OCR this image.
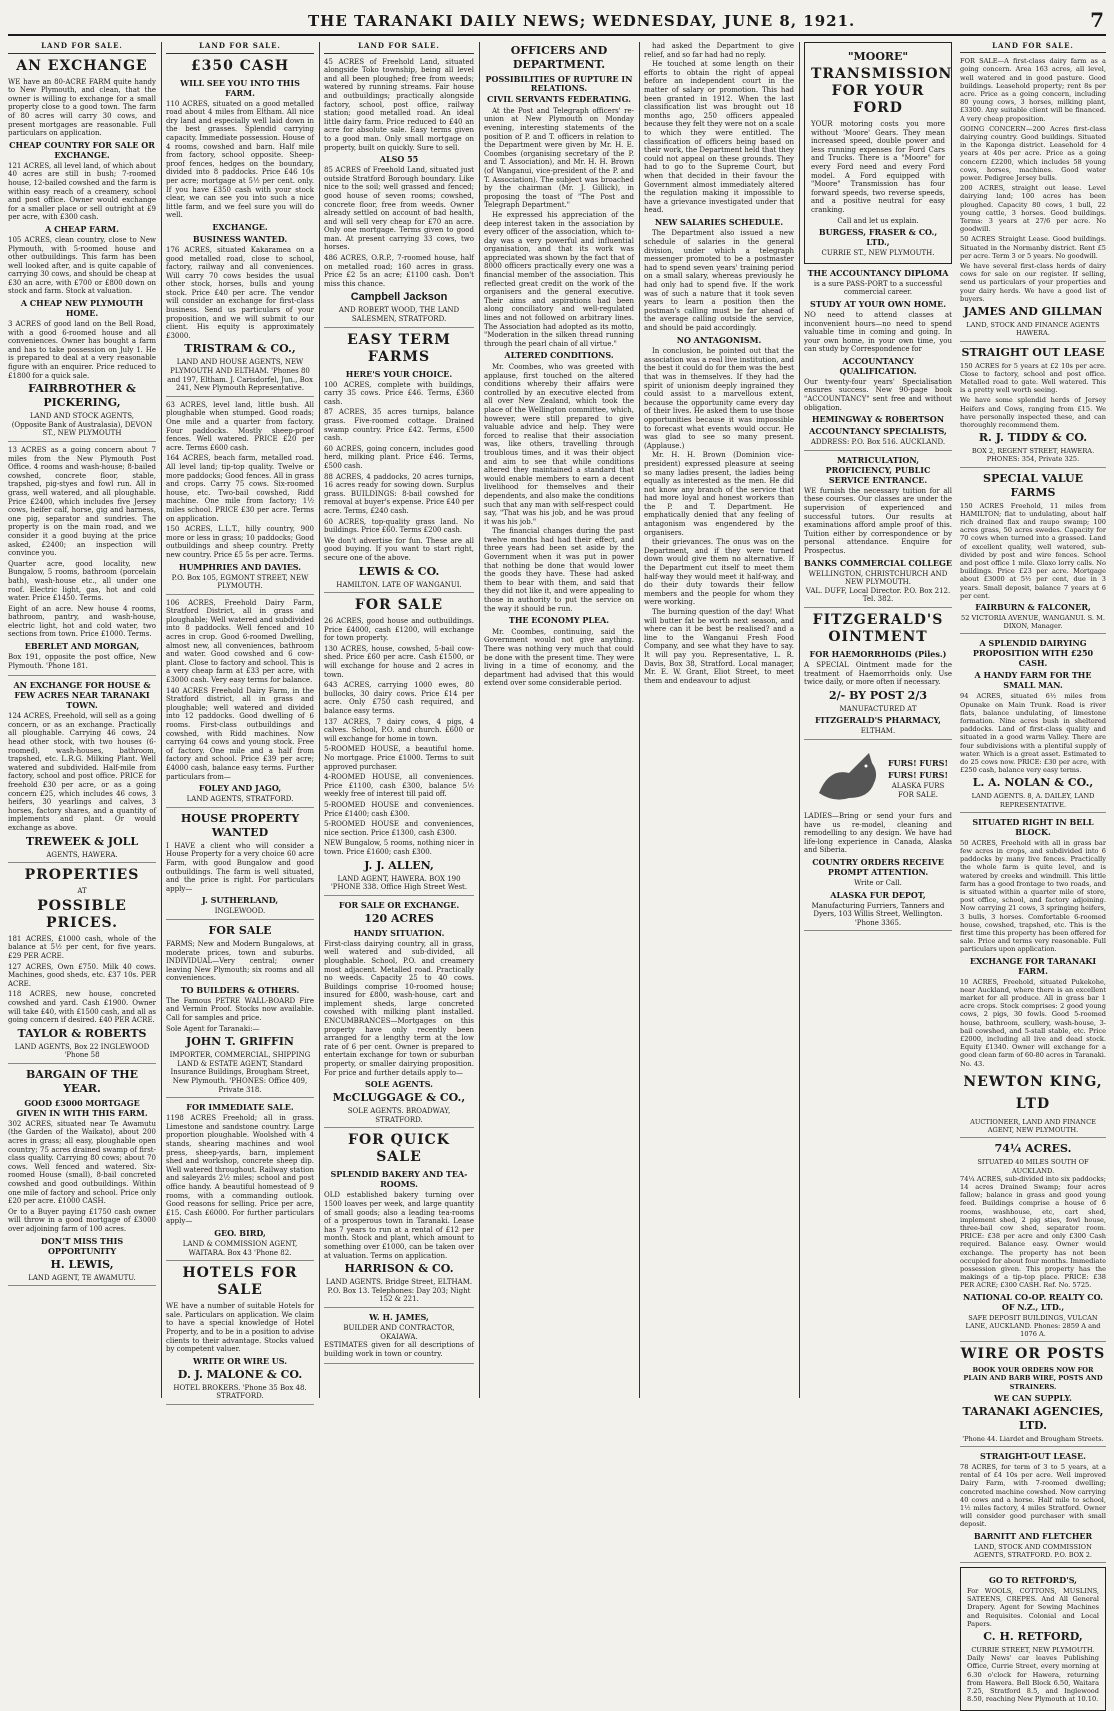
THE TARANAKI DAILY NEWS; WEDNESDAY, JUNE 8, 1921.	7
LAND FOR SALE.
AN EXCHANGE

WE have an 80-ACRE FARM quite handy to New Plymouth, and clean, that the owner is willing to exchange for a small property close to a good town. The farm of 80 acres will carry 30 cows, and present mortgages are reasonable. Full particulars on application.

CHEAP COUNTRY FOR SALE OR EXCHANGE.

121 ACRES, all level land, of which about 40 acres are still in bush; 7-roomed house, 12-bailed cowshed and the farm is within easy reach of a creamery, school and post office. Owner would exchange for a smaller place or sell outright at £9 per acre, with £300 cash.

A CHEAP FARM.

105 ACRES, clean country, close to New Plymouth, with 5-roomed house and other outbuildings. This farm has been well looked after, and is quite capable of carrying 30 cows, and should be cheap at £30 an acre, with £700 or £800 down on stock and farm. Stock at valuation.

A CHEAP NEW PLYMOUTH HOME.

3 ACRES of good land on the Bell Road, with a good 6-roomed house and all conveniences. Owner has bought a farm and has to take possession on July 1. He is prepared to deal at a very reasonable figure with an enquirer. Price reduced to £1800 for a quick sale.

FAIRBROTHER & PICKERING,
LAND AND STOCK AGENTS,
(Opposite Bank of Australasia), DEVON ST., NEW PLYMOUTH

13 ACRES as a going concern about 7 miles from the New Plymouth Post Office. 4 rooms and wash-house; 8-bailed cowshed, concrete floor, stable, trapshed, pig-styes and fowl run. All in grass, well watered, and all ploughable. Price £2400, which includes five Jersey cows, heifer calf, horse, gig and harness, one pig, separator and sundries. The property is on the main road, and we consider it a good buying at the price asked, £2400; an inspection will convince you.

Quarter acre, good locality, new Bungalow, 5 rooms, bathroom (porcelain bath), wash-house etc., all under one roof. Electric light, gas, hot and cold water. Price £1450. Terms.

Eight of an acre. New house 4 rooms, bathroom, pantry, and wash-house, electric light, hot and cold water, two sections from town. Price £1000. Terms.

EBERLET AND MORGAN,

Box 191, opposite the post office, New Plymouth. 'Phone 181.

AN EXCHANGE FOR HOUSE & FEW ACRES NEAR TARANAKI TOWN.

124 ACRES, Freehold, will sell as a going concern, or as an exchange. Practically all ploughable. Carrying 46 cows, 24 head other stock, with two houses (6-roomed), wash-houses, bathroom, trapshed, etc. L.R.G. Milking Plant. Well watered and subdivided. Half-mile from factory, school and post office. PRICE for freehold £30 per acre, or as a going concern £25, which includes 46 cows, 3 heifers, 30 yearlings and calves, 3 horses, factory shares, and a quantity of implements and plant. Or would exchange as above.

TREWEEK & JOLL
AGENTS, HAWERA.
PROPERTIES
AT
POSSIBLE PRICES.

181 ACRES, £1000 cash, whole of the balance at 5½ per cent, for five years. £29 PER ACRE.

127 ACRES, Own £750. Milk 40 cows. Machines, good sheds, etc. £37 10s. PER ACRE.

118 ACRES, new house, concreted cowshed and yard. Cash £1900. Owner will take £40, with £1500 cash, and all as going concern if desired. £40 PER ACRE.

TAYLOR & ROBERTS
LAND AGENTS, Box 22 INGLEWOOD 'Phone 58
BARGAIN OF THE YEAR.
GOOD £3000 MORTGAGE GIVEN IN WITH THIS FARM.

302 ACRES, situated near Te Awamutu (the Garden of the Waikato), about 200 acres in grass; all easy, ploughable open country; 75 acres drained swamp of first-class quality. Carrying 80 cows; about 70 cows. Well fenced and watered. Six-roomed House (small), 8-bail concreted cowshed and good outbuildings. Within one mile of factory and school. Price only £20 per acre. £1000 CASH.

Or to a Buyer paying £1750 cash owner will throw in a good mortgage of £3000 over adjoining farm of 100 acres.

DON'T MISS THIS OPPORTUNITY
H. LEWIS,
LAND AGENT, TE AWAMUTU.
LAND FOR SALE.
£350 CASH
WILL SEE YOU INTO THIS FARM.

110 ACRES, situated on a good metalled road about 4 miles from Eltham. All nice dry land and especially well laid down in the best grasses. Splendid carrying capacity. Immediate possession. House of 4 rooms, cowshed and barn. Half mile from factory, school opposite. Sheep-proof fences, hedges on the boundary, divided into 8 paddocks. Price £46 10s per acre; mortgage at 5½ per cent. only. If you have £350 cash with your stock clear, we can see you into such a nice little farm, and we feel sure you will do well.

EXCHANGE.
BUSINESS WANTED.

176 ACRES, situated Kakaramea on a good metalled road, close to school, factory, railway and all conveniences. Will carry 70 cows besides the usual other stock, horses, bulls and young stock. Price £40 per acre. The vendor will consider an exchange for first-class business. Send us particulars of your proposition, and we will submit to our client. His equity is approximately £3000.

TRISTRAM & CO.,
LAND AND HOUSE AGENTS, NEW PLYMOUTH AND ELTHAM. 'Phones 80 and 197, Eltham. J. Carisdorfel, Jun., Box 241, New Plymouth Representative.

63 ACRES, level land, little bush. All ploughable when stumped. Good roads; One mile and a quarter from factory. Four paddocks. Mostly sheep-proof fences. Well watered. PRICE £20 per acre. Terms £600 cash.

164 ACRES, beach farm, metalled road. All level land; tip-top quality. Twelve or more paddocks; Good fences. All in grass and crops. Carry 75 cows. Six-roomed house, etc. Two-bail cowshed, Ridd machine. One mile from factory; 1½ miles school. PRICE £30 per acre. Terms on application.

150 ACRES, L.L.T., hilly country, 900 more or less in grass; 10 paddocks; Good outbuildings and sheep country. Pretty new country. Price £5 5s per acre. Terms.

HUMPHRIES AND DAVIES.
P.O. Box 105, EGMONT STREET, NEW PLYMOUTH.

106 ACRES, Freehold Dairy Farm, Stratford District, all in grass and ploughable; Well watered and subdivided into 8 paddocks. Well fenced and 10 acres in crop. Good 6-roomed Dwelling, almost new, all conveniences, bathroom and water. Good cowshed and 6 cow-plant. Close to factory and school. This is a very cheap farm at £33 per acre, with £3000 cash. Very easy terms for balance.

140 ACRES Freehold Dairy Farm, in the Stratford district, all in grass and ploughable; well watered and divided into 12 paddocks. Good dwelling of 6 rooms. First-class outbuildings and cowshed, with Ridd machines. Now carrying 64 cows and young stock. Free of factory. One mile and a half from factory and school. Price £39 per acre; £4000 cash, balance easy terms. Further particulars from—

FOLEY AND JAGO,
LAND AGENTS, STRATFORD.
HOUSE PROPERTY WANTED

I HAVE a client who will consider a House Property for a very choice 60 acre Farm, with good Bungalow and good outbuildings. The farm is well situated, and the price is right. For particulars apply—

J. SUTHERLAND,
INGLEWOOD.
FOR SALE

FARMS; New and Modern Bungalows, at moderate prices, town and suburbs. INDIVIDUAL—Very central; owner leaving New Plymouth; six rooms and all conveniences.

TO BUILDERS & OTHERS.

The Famous PETRE WALL-BOARD Fire and Vermin Proof. Stocks now available. Call for samples and price.

Sole Agent for Taranaki:—

JOHN T. GRIFFIN
IMPORTER, COMMERCIAL, SHIPPING LAND & ESTATE AGENT, Standard Insurance Buildings, Brougham Street, New Plymouth. 'PHONES: Office 409, Private 318.
FOR IMMEDIATE SALE.

1198 ACRES Freehold; all in grass. Limestone and sandstone country. Large proportion ploughable. Woolshed with 4 stands, shearing machines and wool press, sheep-yards, barn, implement shed and workshop, concrete sheep dip. Well watered throughout. Railway station and saleyards 2½ miles; school and post office handy. A beautiful homestead of 9 rooms, with a commanding outlook. Good reasons for selling. Price per acre, £15. Cash £6000. For further particulars apply—

GEO. BIRD,
LAND & COMMISSION AGENT, WAITARA. Box 43 'Phone 82.
HOTELS FOR SALE

WE have a number of suitable Hotels for sale. Particulars on application. We claim to have a special knowledge of Hotel Property, and to be in a position to advise clients to their advantage. Stocks valued by competent valuer.

WRITE OR WIRE US.
D. J. MALONE & CO.
HOTEL BROKERS. 'Phone 35 Box 48. STRATFORD.
LAND FOR SALE.

45 ACRES of Freehold Land, situated alongside Toko township, being all level and all been ploughed; free from weeds; watered by running streams. Fair house and outbuildings; practically alongside factory, school, post office, railway station; good metalled road. An ideal little dairy farm. Price reduced to £40 an acre for absolute sale. Easy terms given to a good man. Only small mortgage on property, built on quickly. Sure to sell.

ALSO 55

85 ACRES of Freehold Land, situated just outside Stratford Borough boundary. Like nice to the soil; well grassed and fenced; good house of seven rooms; cowshed, concrete floor, free from weeds. Owner already settled on account of bad health, and will sell very cheap for £70 an acre. Only one mortgage. Terms given to good man. At present carrying 33 cows, two horses.

486 ACRES, O.R.P., 7-roomed house, half on metalled road; 160 acres in grass. Price £2 5s an acre; £1100 cash. Don't miss this chance.

Campbell Jackson
AND ROBERT WOOD, THE LAND SALESMEN, STRATFORD.
EASY TERM FARMS
HERE'S YOUR CHOICE.

100 ACRES, complete with buildings, carry 35 cows. Price £46. Terms, £360 cash.

87 ACRES, 35 acres turnips, balance grass. Five-roomed cottage. Drained swamp country. Price £42. Terms, £500 cash.

60 ACRES, going concern, includes good herd, milking plant. Price £46. Terms, £500 cash.

88 ACRES, 4 paddocks, 20 acres turnips, 16 acres ready for sowing down. Surplus grass. BUILDINGS: 8-bail cowshed for removal at buyer's expense. Price £40 per acre. Terms, £240 cash.

60 ACRES, top-quality grass land. No buildings. Price £60. Terms £200 cash.

We don't advertise for fun. These are all good buying. If you want to start right, secure one of the above.

LEWIS & CO.
HAMILTON. LATE OF WANGANUI.
FOR SALE

26 ACRES, good house and outbuildings. Price £4000, cash £1200, will exchange for town property.

130 ACRES, house, cowshed, 5-bail cow-shed. Price £60 per acre. Cash £1500, or will exchange for house and 2 acres in town.

643 ACRES, carrying 1000 ewes, 80 bullocks, 30 dairy cows. Price £14 per acre. Only £750 cash required, and balance easy terms.

137 ACRES, 7 dairy cows, 4 pigs, 4 calves. School, P.O. and church. £600 or will exchange for home in town.

5-ROOMED HOUSE, a beautiful home. No mortgage. Price £1000. Terms to suit approved purchaser.

4-ROOMED HOUSE, all conveniences. Price £1100, cash £300, balance 5½ weekly free of interest till paid off.

5-ROOMED HOUSE and conveniences. Price £1400; cash £300.

5-ROOMED HOUSE and conveniences, nice section. Price £1300, cash £300.

NEW Bungalow, 5 rooms, nothing nicer in town. Price £1600; cash £300.

J. J. ALLEN,
LAND AGENT, HAWERA. BOX 190 'PHONE 338. Office High Street West.
FOR SALE OR EXCHANGE.
120 ACRES
HANDY SITUATION.

First-class dairying country, all in grass, well watered and sub-divided, all ploughable. School, P.O. and creamery most adjacent. Metalled road. Practically no weeds. Capacity 25 to 40 cows. Buildings comprise 10-roomed house; insured for £800, wash-house, cart and implement sheds, large concreted cowshed with milking plant installed. ENCUMBRANCES—Mortgages on this property have only recently been arranged for a lengthy term at the low rate of 6 per cent. Owner is prepared to entertain exchange for town or suburban property, or smaller dairying proposition. For price and further details apply to—

SOLE AGENTS.
McCLUGGAGE & CO.,
SOLE AGENTS. BROADWAY, STRATFORD.
FOR QUICK SALE
SPLENDID BAKERY AND TEA-ROOMS.

OLD established bakery turning over 1500 loaves per week, and large quantity of small goods; also a leading tea-rooms of a prosperous town in Taranaki. Lease has 7 years to run at a rental of £12 per month. Stock and plant, which amount to something over £1000, can be taken over at valuation. Terms on application.

HARRISON & CO.
LAND AGENTS. Bridge Street, ELTHAM. P.O. Box 13. Telephones: Day 203; Night 152 & 221.
W. H. JAMES,
BUILDER AND CONTRACTOR, OKAIAWA.

ESTIMATES given for all descriptions of building work in town or country.

OFFICERS AND DEPARTMENT.
POSSIBILITIES OF RUPTURE IN RELATIONS.
CIVIL SERVANTS FEDERATING.

At the Post and Telegraph officers' re-union at New Plymouth on Monday evening, interesting statements of the position of P. and T. officers in relation to the Department were given by Mr. H. E. Coombes (organising secretary of the P. and T. Association), and Mr. H. H. Brown (of Wanganui, vice-president of the P. and T. Association). The subject was broached by the chairman (Mr. J. Gillick), in proposing the toast of "The Post and Telegraph Department."

He expressed his appreciation of the deep interest taken in the association by every officer of the association, which to-day was a very powerful and influential organisation, and that its work was appreciated was shown by the fact that of 8000 officers practically every one was a financial member of the association. This reflected great credit on the work of the organisers and the general executive. Their aims and aspirations had been along conciliatory and well-regulated lines and not followed on arbitrary lines. The Association had adopted as its motto, "Moderation in the silken thread running through the pearl chain of all virtue."

ALTERED CONDITIONS.

Mr. Coombes, who was greeted with applause, first touched on the altered conditions whereby their affairs were controlled by an executive elected from all over New Zealand, which took the place of the Wellington committee, which, however, were still prepared to give valuable advice and help. They were forced to realise that their association was, like others, travelling through troublous times, and it was their object and aim to see that while conditions altered they maintained a standard that would enable members to earn a decent livelihood for themselves and their dependents, and also make the conditions such that any man with self-respect could say, "That was his job, and he was proud it was his job."

The financial changes during the past twelve months had had their effect, and three years had been set aside by the Government when it was put in power that nothing be done that would lower the goods they have. These had asked them to bear with them, and said that they did not like it, and were appealing to those in authority to put the service on the way it should be run.

THE ECONOMY PLEA.

Mr. Coombes, continuing, said the Government would not give anything. There was nothing very much that could be done with the present time. They were living in a time of economy, and the department had advised that this would extend over some considerable period.

had asked the Department to give relief, and so far had had no reply.

He touched at some length on their efforts to obtain the right of appeal before an independent court in the matter of salary or promotion. This had been granted in 1912. When the last classification list was brought out 18 months ago, 250 officers appealed because they felt they were not on a scale to which they were entitled. The classification of officers being based on their work, the Department held that they could not appeal on these grounds. They had to go to the Supreme Court, but when that decided in their favour the Government almost immediately altered the regulation making it impossible to have a grievance investigated under that head.

NEW SALARIES SCHEDULE.

The Department also issued a new schedule of salaries in the general division, under which a telegraph messenger promoted to be a postmaster had to spend seven years' training period on a small salary, whereas previously he had only had to spend five. If the work was of such a nature that it took seven years to learn a position then the postman's calling must be far ahead of the average calling outside the service, and should be paid accordingly.

NO ANTAGONISM.

In conclusion, he pointed out that the association was a real live institution, and the best it could do for them was the best that was in themselves. If they had the spirit of unionism deeply ingrained they could assist to a marvellous extent, because the opportunity came every day of their lives. He asked them to use those opportunities because it was impossible to forecast what events would occur. He was glad to see so many present. (Applause.)

Mr. H. H. Brown (Dominion vice-president) expressed pleasure at seeing so many ladies present, the ladies being equally as interested as the men. He did not know any branch of the service that had more loyal and honest workers than the P. and T. Department. He emphatically denied that any feeling of antagonism was engendered by the organisers.

their grievances. The onus was on the Department, and if they were turned down would give them no alternative. If the Department cut itself to meet them half-way they would meet it half-way, and do their duty towards their fellow members and the people for whom they were working.

The burning question of the day! What will butter fat be worth next season, and where can it be best be realised? and a line to the Wanganui Fresh Food Company, and see what they have to say. It will pay you. Representative, L. R. Davis, Box 38, Stratford. Local manager, Mr. E. W. Grant, Eliot Street, to meet them and endeavour to adjust

"MOORE"
TRANSMISSION FOR YOUR FORD

YOUR motoring costs you more without 'Moore' Gears. They mean increased speed, double power and less running expenses for Ford Cars and Trucks. There is a "Moore" for every Ford need and every Ford model. A Ford equipped with "Moore" Transmission has four forward speeds, two reverse speeds, and a positive neutral for easy cranking.

Call and let us explain.
BURGESS, FRASER & CO., LTD.,
CURRIE ST., NEW PLYMOUTH.
THE ACCOUNTANCY DIPLOMA
is a sure PASS-PORT to a successful commercial career.
STUDY AT YOUR OWN HOME.

NO need to attend classes at inconvenient hours—no need to spend valuable time in coming and going. In your own home, in your own time, you can study by Correspondence for

ACCOUNTANCY QUALIFICATION.

Our twenty-four years' Specialisation ensures success. New 90-page book "ACCOUNTANCY" sent free and without obligation.

HEMINGWAY & ROBERTSON
ACCOUNTANCY SPECIALISTS,
ADDRESS: P.O. Box 516. AUCKLAND.
MATRICULATION, PROFICIENCY, PUBLIC SERVICE ENTRANCE.

WE furnish the necessary tuition for all these courses. Our classes are under the supervision of experienced and successful tutors. Our results at examinations afford ample proof of this. Tuition either by correspondence or by personal attendance. Enquire for Prospectus.

BANKS COMMERCIAL COLLEGE
WELLINGTON, CHRISTCHURCH AND NEW PLYMOUTH.
VAL. DUFF, Local Director. P.O. Box 212. Tel. 382.
FITZGERALD'S OINTMENT
FOR HAEMORRHOIDS (Piles.)

A SPECIAL Ointment made for the treatment of Haemorrhoids only. Use twice daily, or more often if necessary.

2/- BY POST 2/3
MANUFACTURED AT
FITZGERALD'S PHARMACY,
ELTHAM.
FURS! FURS!
FURS! FURS!
ALASKA FURS FOR SALE.

LADIES—Bring or send your furs and have us re-model, cleaning and remodelling to any design. We have had life-long experience in Canada, Alaska and Siberia.

COUNTRY ORDERS RECEIVE PROMPT ATTENTION.
Write or Call.
ALASKA FUR DEPOT,
Manufacturing Furriers, Tanners and Dyers, 103 Willis Street, Wellington. 'Phone 3365.
LAND FOR SALE.

FOR SALE—A first-class dairy farm as a going concern. Area 163 acres, all level, well watered and in good pasture. Good buildings. Leasehold property; rent 8s per acre. Price as a going concern, including 80 young cows, 3 horses, milking plant, £3300. Any suitable client will be financed. A very cheap proposition.

GOING CONCERN—200 Acres first-class dairying country. Good buildings. Situated in the Kaponga district. Leasehold for 4 years at 40s per acre. Price as a going concern £2200, which includes 58 young cows, horses, machines. Good water power. Pedigree Jersey bulls.

200 ACRES, straight out lease. Level dairying land; 100 acres has been ploughed. Capacity 80 cows, 1 bull, 22 young cattle, 3 horses. Good buildings. Terms: 3 years at 27/6 per acre. No goodwill.

50 ACRES Straight Lease. Good buildings. Situated in the Normanby district. Rent £5 per acre. Term 3 or 5 years. No goodwill.

We have several first-class herds of dairy cows for sale on our register. If selling, send us particulars of your properties and your dairy herds. We have a good list of buyers.

JAMES AND GILLMAN
LAND, STOCK AND FINANCE AGENTS HAWERA.
STRAIGHT OUT LEASE

150 ACRES for 5 years at £2 10s per acre. Close to factory, school and post office. Metalled road to gate. Well watered. This is a pretty well worth seeing.

We have some splendid herds of Jersey Heifers and Cows, ranging from £15. We have personally inspected these, and can thoroughly recommend them.

R. J. TIDDY & CO.
BOX 2, REGENT STREET, HAWERA. PHONES: 354, Private 325.
SPECIAL VALUE FARMS

150 ACRES Freehold, 11 miles from HAMILTON; flat to undulating, about half rich drained flax and raupo swamp; 100 acres grass, 50 acres swedes. Capacity for 70 cows when turned into a grassed. Land of excellent quality, well watered, sub-divided by post and wire fences. School and post office 1 mile. Glaxo lorry calls. No buildings. Price £23 per acre. Mortgage about £3000 at 5½ per cent, due in 3 years. Small deposit, balance 7 years at 6 per cent.

FAIRBURN & FALCONER,
52 VICTORIA AVENUE, WANGANUI. S. M. DIXON, Manager.
A SPLENDID DAIRYING PROPOSITION WITH £250 CASH.
A HANDY FARM FOR THE SMALL MAN.

94 ACRES, situated 6½ miles from Opunake on Main Trunk. Road is river flats, balance undulating, of limestone formation. Nine acres bush in sheltered paddocks. Land of first-class quality and situated in a good warm Valley. There are four subdivisions with a plentiful supply of water. Which is a great asset. Estimated to do 25 cows now. PRICE: £30 per acre, with £250 cash, balance very easy terms.

L. A. NOLAN & CO.,
LAND AGENTS. 8, A. DAILEY, LAND REPRESENTATIVE.
SITUATED RIGHT IN BELL BLOCK.

50 ACRES, Freehold with all in grass bar few acres in crops, and subdivided into 6 paddocks by many live fences. Practically the whole farm is quite level, and is watered by creeks and windmill. This little farm has a good frontage to two roads, and is situated within a quarter mile of store, post office, school, and factory adjoining. Now carrying 21 cows, 3 springing heifers, 3 bulls, 3 horses. Comfortable 6-roomed house, cowshed, trapshed, etc. This is the first time this property has been offered for sale. Price and terms very reasonable. Full particulars upon application.

EXCHANGE FOR TARANAKI FARM.

10 ACRES, Freehold, situated Pukekohe, near Auckland, where there is an excellent market for all produce. All in grass bar 1 acre crops. Stock comprises: 2 good young cows, 2 pigs, 30 fowls. Good 5-roomed house, bathroom, scullery, wash-house, 3-bail cowshed, and 5-stall stable, etc. Price £2000, including all live and dead stock. Equity £1340. Owner will exchange for a good clean farm of 60-80 acres in Taranaki. No. 43.

NEWTON KING, LTD
AUCTIONEER, LAND AND FINANCE AGENT, NEW PLYMOUTH.
74¼ ACRES.
SITUATED 40 MILES SOUTH OF AUCKLAND.

74¼ ACRES, sub-divided into six paddocks; 14 acres Drained Swamp; four acres fallow; balance in grass and good young feed. Buildings comprise a house of 6 rooms, washhouse, etc, cart shed, implement shed, 2 pig sties, fowl house, three-bail cow shed, separator room. PRICE: £38 per acre and only £300 Cash required. Balance easy. Owner would exchange. The property has not been occupied for about four months. Immediate possession given. This property has the makings of a tip-top place. PRICE: £38 PER ACRE; £300 CASH. Ref. No. 5725.

NATIONAL CO-OP. REALTY CO. OF N.Z., LTD.,
SAFE DEPOSIT BUILDINGS, VULCAN LANE, AUCKLAND. Phones: 2859 A and 1076 A.
WIRE OR POSTS
BOOK YOUR ORDERS NOW FOR PLAIN AND BARB WIRE, POSTS AND STRAINERS.
WE CAN SUPPLY.
TARANAKI AGENCIES, LTD.
'Phone 44. Liardet and Brougham Streets.
STRAIGHT-OUT LEASE.

78 ACRES, for term of 3 to 5 years, at a rental of £4 10s per acre. Well improved Dairy Farm, with 7-roomed dwelling; concreted machine cowshed. Now carrying 40 cows and a horse. Half mile to school, 1½ miles factory, 4 miles Stratford. Owner will consider good purchaser with small deposit.

BARNITT AND FLETCHER
LAND, STOCK AND COMMISSION AGENTS, STRATFORD. P.O. BOX 2.
GO TO RETFORD'S,

For WOOLS, COTTONS, MUSLINS, SATEENS, CREPES. And All General Drapery. Agent for Sewing Machines and Requisites. Colonial and Local Papers.

C. H. RETFORD,
CURRIE STREET, NEW PLYMOUTH.

Daily News' car leaves Publishing Office, Currie Street, every morning at 6.30 o'clock for Hawera, returning from Hawera. Bell Block 6.50, Waitara 7.25, Stratford 8.5, and Inglewood 8.50, reaching New Plymouth at 10.10.
